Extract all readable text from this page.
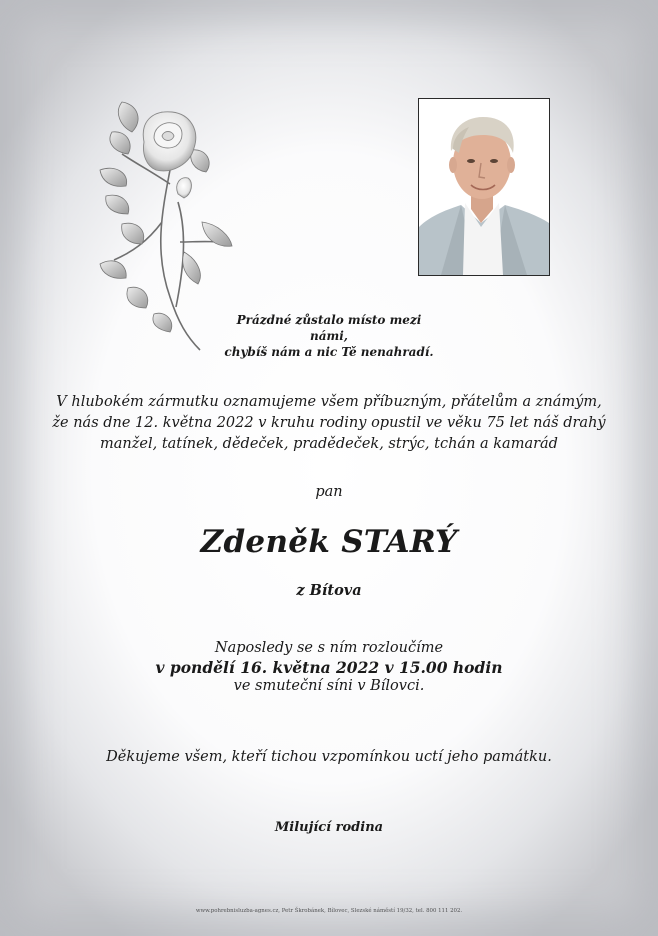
Prázdné zůstalo místo mezi námi,
chybíš nám a nic Tě nenahradí.
V hlubokém zármutku oznamujeme všem příbuzným, přátelům a známým,
že nás dne 12. května 2022 v kruhu rodiny opustil ve věku 75 let náš drahý
manžel, tatínek, dědeček, pradědeček, strýc, tchán a kamarád
pan
Zdeněk STARÝ
z Bítova
Naposledy se s ním rozloučíme
v pondělí 16. května 2022 v 15.00 hodin
ve smuteční síni v Bílovci.
Děkujeme všem, kteří tichou vzpomínkou uctí jeho památku.
Milující rodina
www.pohrebnisluzba-agnes.cz, Petr Škrobánek, Bílovec, Slezské náměstí 19/32, tel. 800 111 202.
